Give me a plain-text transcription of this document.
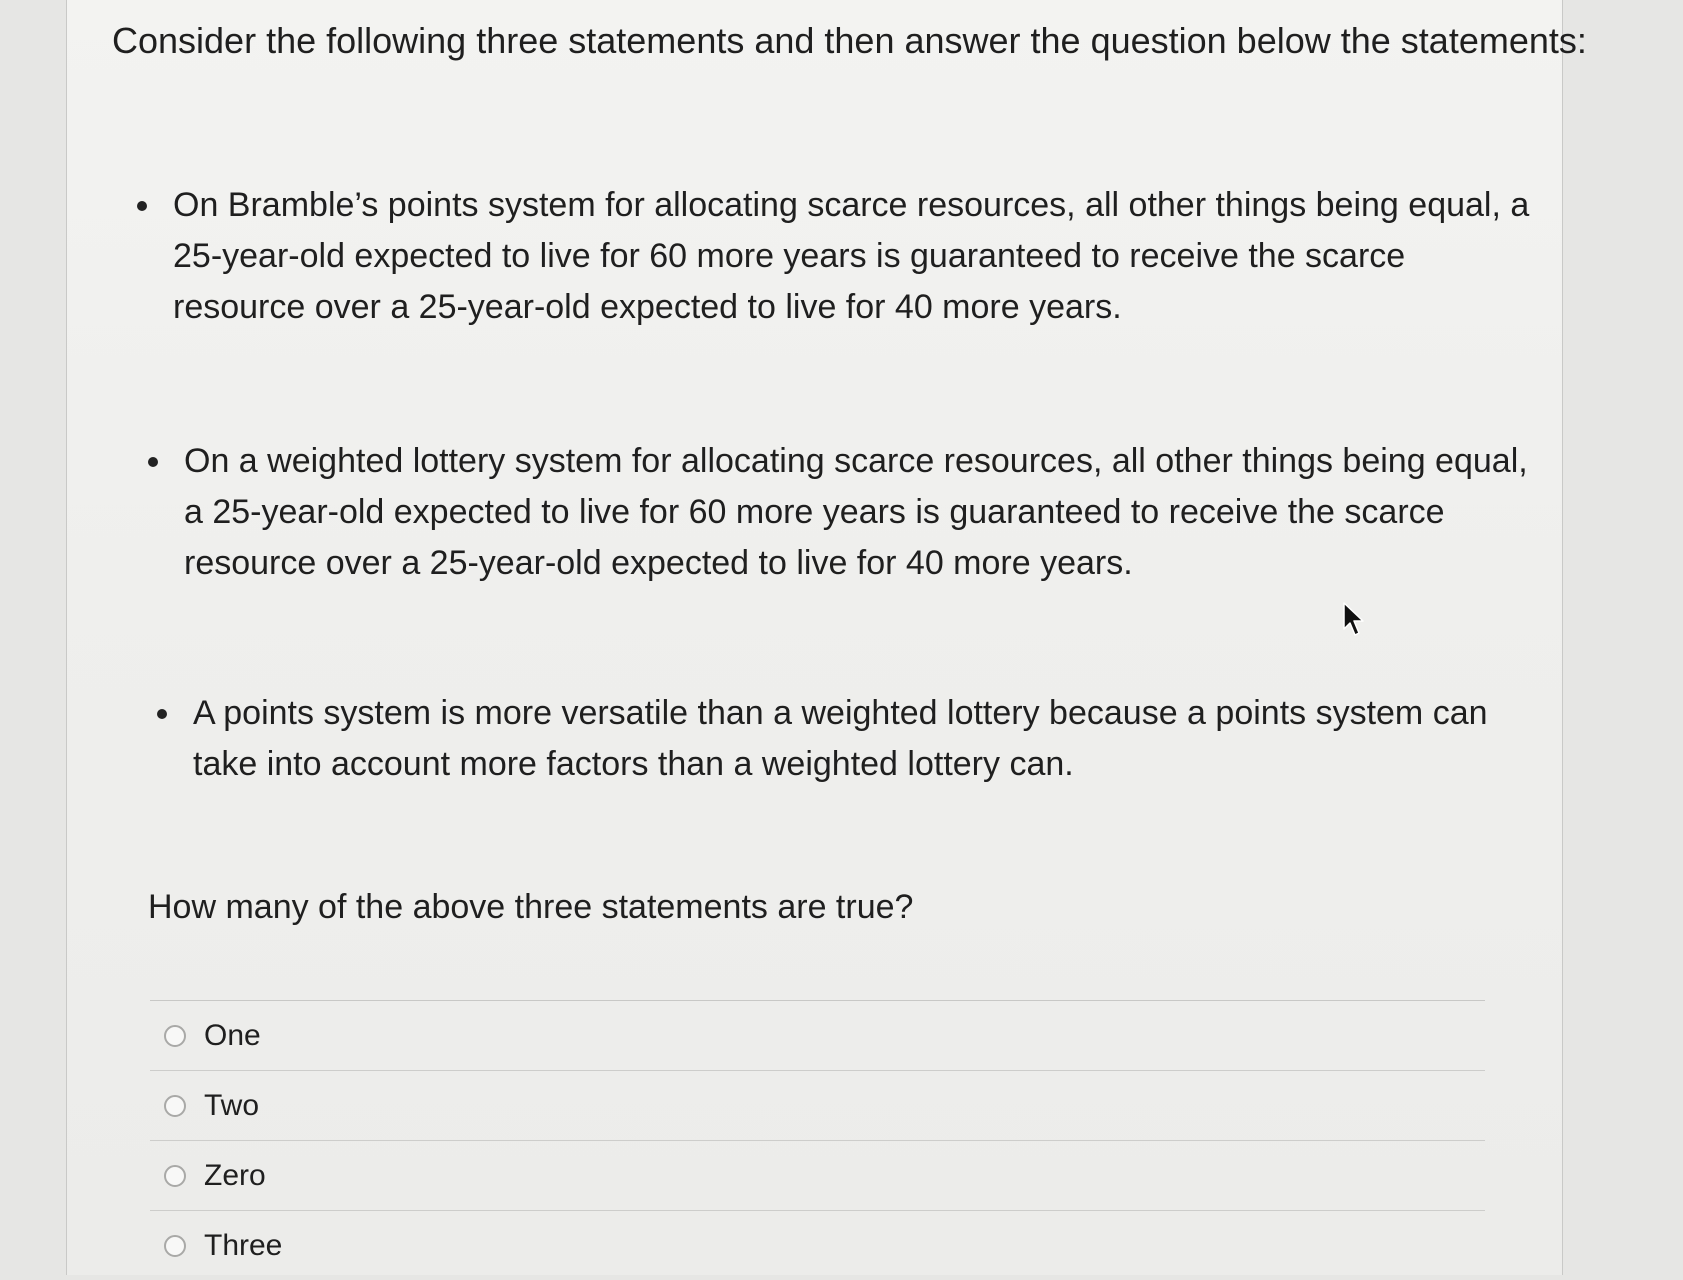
Consider the following three statements and then answer the question below the statements:
On Bramble’s points system for allocating scarce resources, all other things being equal, a
25-year-old expected to live for 60 more years is guaranteed to receive the scarce
resource over a 25-year-old expected to live for 40 more years.
On a weighted lottery system for allocating scarce resources, all other things being equal,
a 25-year-old expected to live for 60 more years is guaranteed to receive the scarce
resource over a 25-year-old expected to live for 40 more years.
A points system is more versatile than a weighted lottery because a points system can
take into account more factors than a weighted lottery can.
How many of the above three statements are true?
One
Two
Zero
Three
